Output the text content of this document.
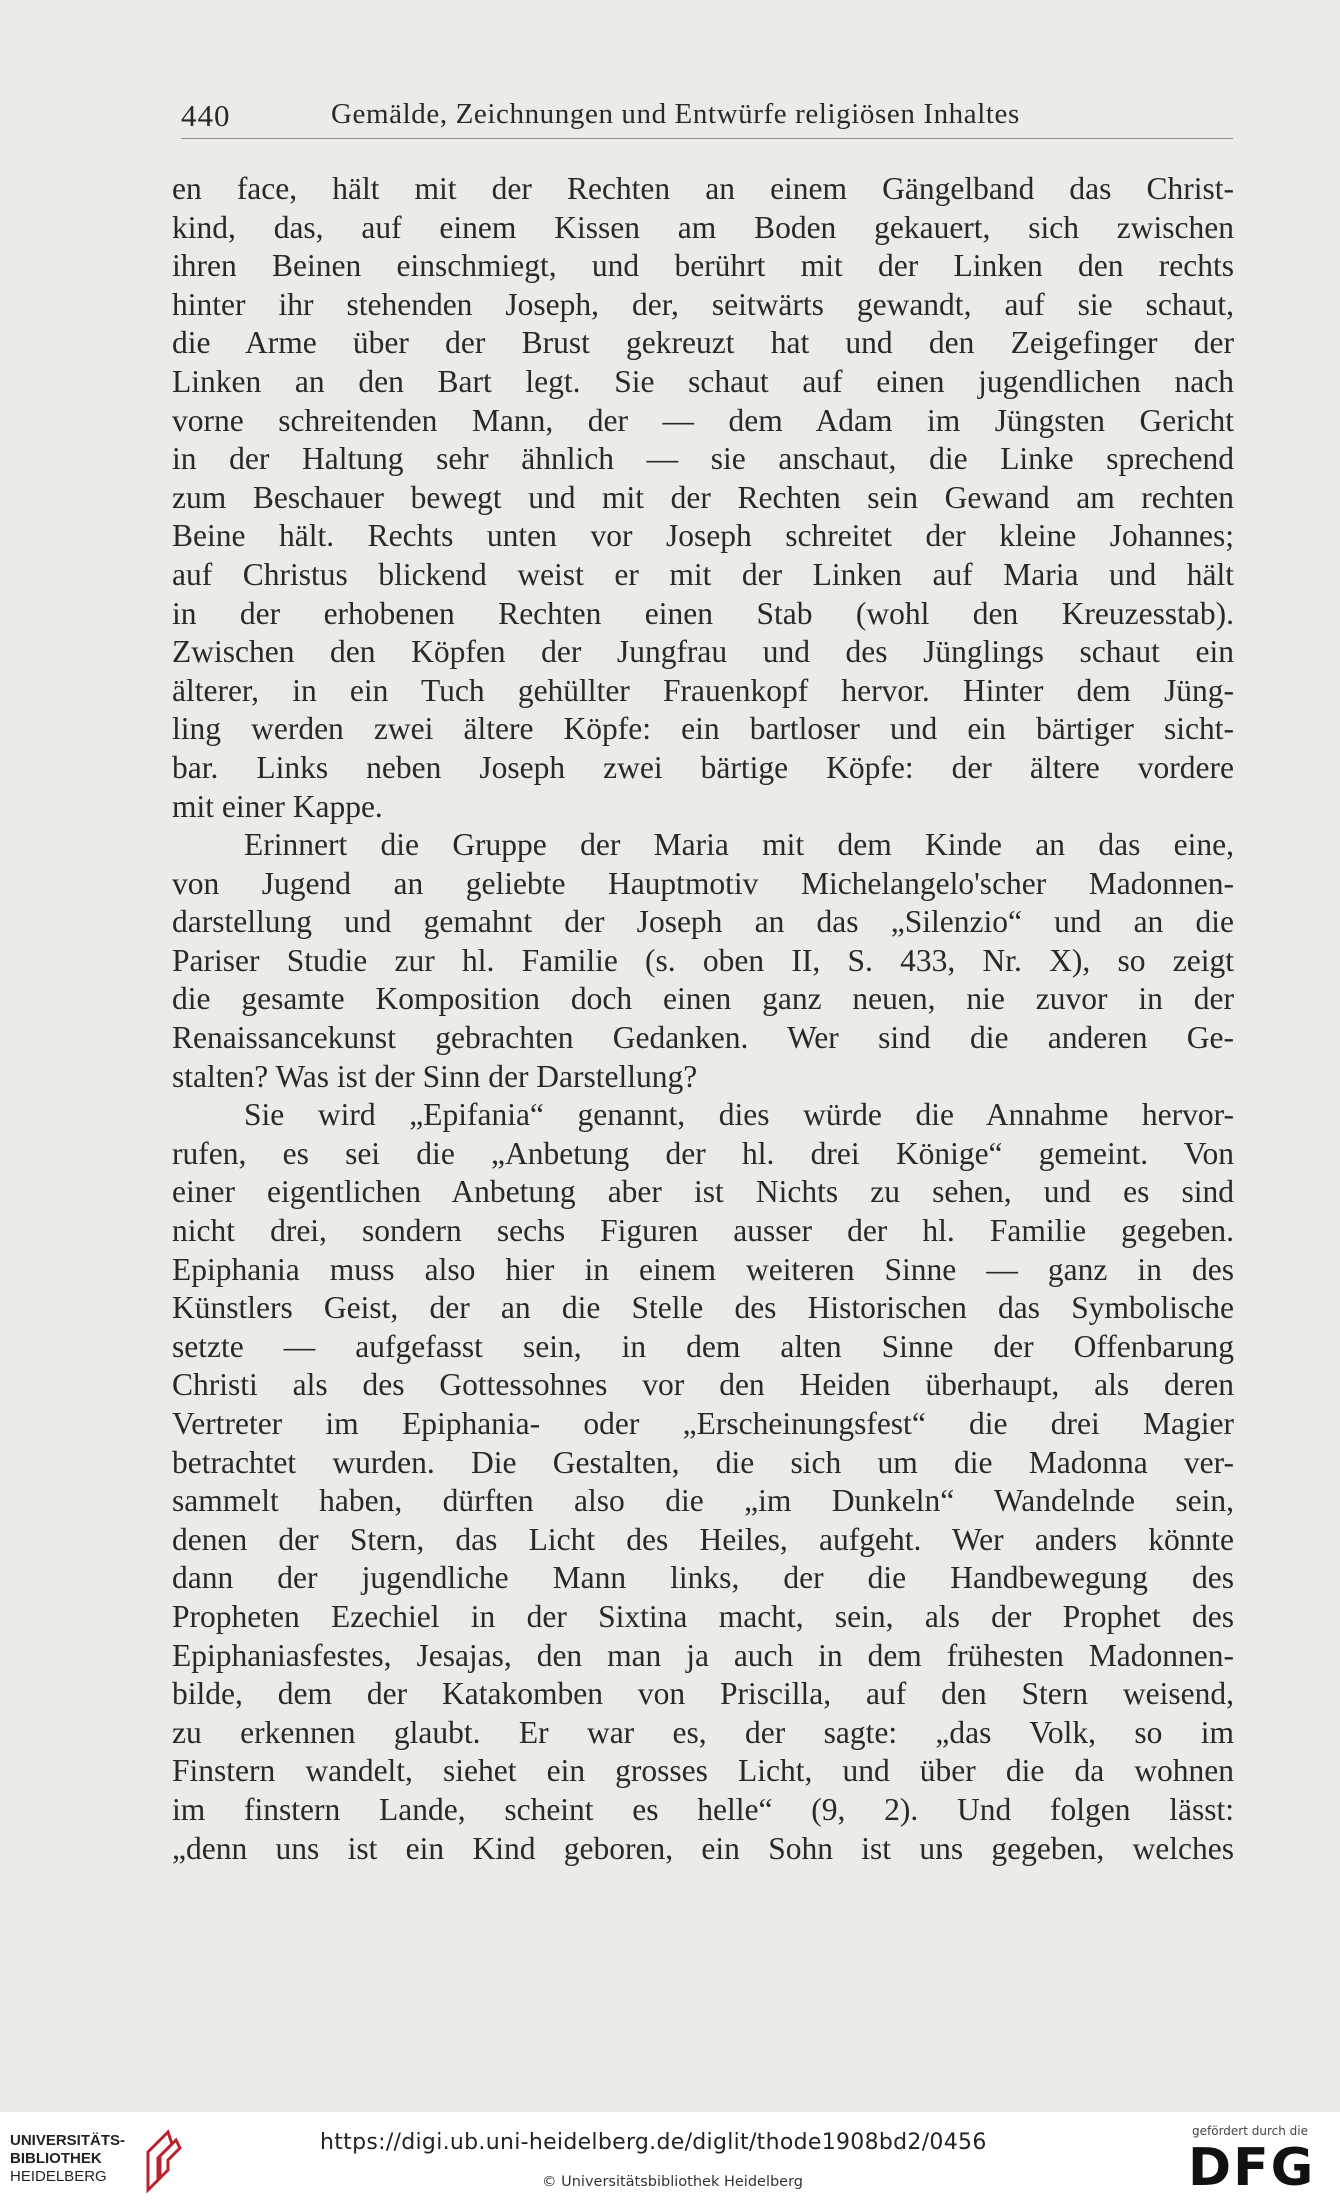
440	Gemälde, Zeichnungen und Entwürfe religiösen Inhaltes
en face, hält mit der Rechten an einem Gängelband das Christ-
kind, das, auf einem Kissen am Boden gekauert, sich zwischen
ihren Beinen einschmiegt, und berührt mit der Linken den rechts
hinter ihr stehenden Joseph, der, seitwärts gewandt, auf sie schaut,
die Arme über der Brust gekreuzt hat und den Zeigefinger der
Linken an den Bart legt. Sie schaut auf einen jugendlichen nach
vorne schreitenden Mann, der — dem Adam im Jüngsten Gericht
in der Haltung sehr ähnlich — sie anschaut, die Linke sprechend
zum Beschauer bewegt und mit der Rechten sein Gewand am rechten
Beine hält. Rechts unten vor Joseph schreitet der kleine Johannes;
auf Christus blickend weist er mit der Linken auf Maria und hält
in der erhobenen Rechten einen Stab (wohl den Kreuzesstab).
Zwischen den Köpfen der Jungfrau und des Jünglings schaut ein
älterer, in ein Tuch gehüllter Frauenkopf hervor. Hinter dem Jüng-
ling werden zwei ältere Köpfe: ein bartloser und ein bärtiger sicht-
bar. Links neben Joseph zwei bärtige Köpfe: der ältere vordere
mit einer Kappe.
Erinnert die Gruppe der Maria mit dem Kinde an das eine,
von Jugend an geliebte Hauptmotiv Michelangelo'scher Madonnen-
darstellung und gemahnt der Joseph an das „Silenzio“ und an die
Pariser Studie zur hl. Familie (s. oben II, S. 433, Nr. X), so zeigt
die gesamte Komposition doch einen ganz neuen, nie zuvor in der
Renaissancekunst gebrachten Gedanken. Wer sind die anderen Ge-
stalten? Was ist der Sinn der Darstellung?
Sie wird „Epifania“ genannt, dies würde die Annahme hervor-
rufen, es sei die „Anbetung der hl. drei Könige“ gemeint. Von
einer eigentlichen Anbetung aber ist Nichts zu sehen, und es sind
nicht drei, sondern sechs Figuren ausser der hl. Familie gegeben.
Epiphania muss also hier in einem weiteren Sinne — ganz in des
Künstlers Geist, der an die Stelle des Historischen das Symbolische
setzte — aufgefasst sein, in dem alten Sinne der Offenbarung
Christi als des Gottessohnes vor den Heiden überhaupt, als deren
Vertreter im Epiphania- oder „Erscheinungsfest“ die drei Magier
betrachtet wurden. Die Gestalten, die sich um die Madonna ver-
sammelt haben, dürften also die „im Dunkeln“ Wandelnde sein,
denen der Stern, das Licht des Heiles, aufgeht. Wer anders könnte
dann der jugendliche Mann links, der die Handbewegung des
Propheten Ezechiel in der Sixtina macht, sein, als der Prophet des
Epiphaniasfestes, Jesajas, den man ja auch in dem frühesten Madonnen-
bilde, dem der Katakomben von Priscilla, auf den Stern weisend,
zu erkennen glaubt. Er war es, der sagte: „das Volk, so im
Finstern wandelt, siehet ein grosses Licht, und über die da wohnen
im finstern Lande, scheint es helle“ (9, 2). Und folgen lässt:
„denn uns ist ein Kind geboren, ein Sohn ist uns gegeben, welches
UNIVERSITÄTS-
BIBLIOTHEK
HEIDELBERG
https://digi.ub.uni-heidelberg.de/diglit/thode1908bd2/0456
© Universitätsbibliothek Heidelberg
gefördert durch die
DFG
